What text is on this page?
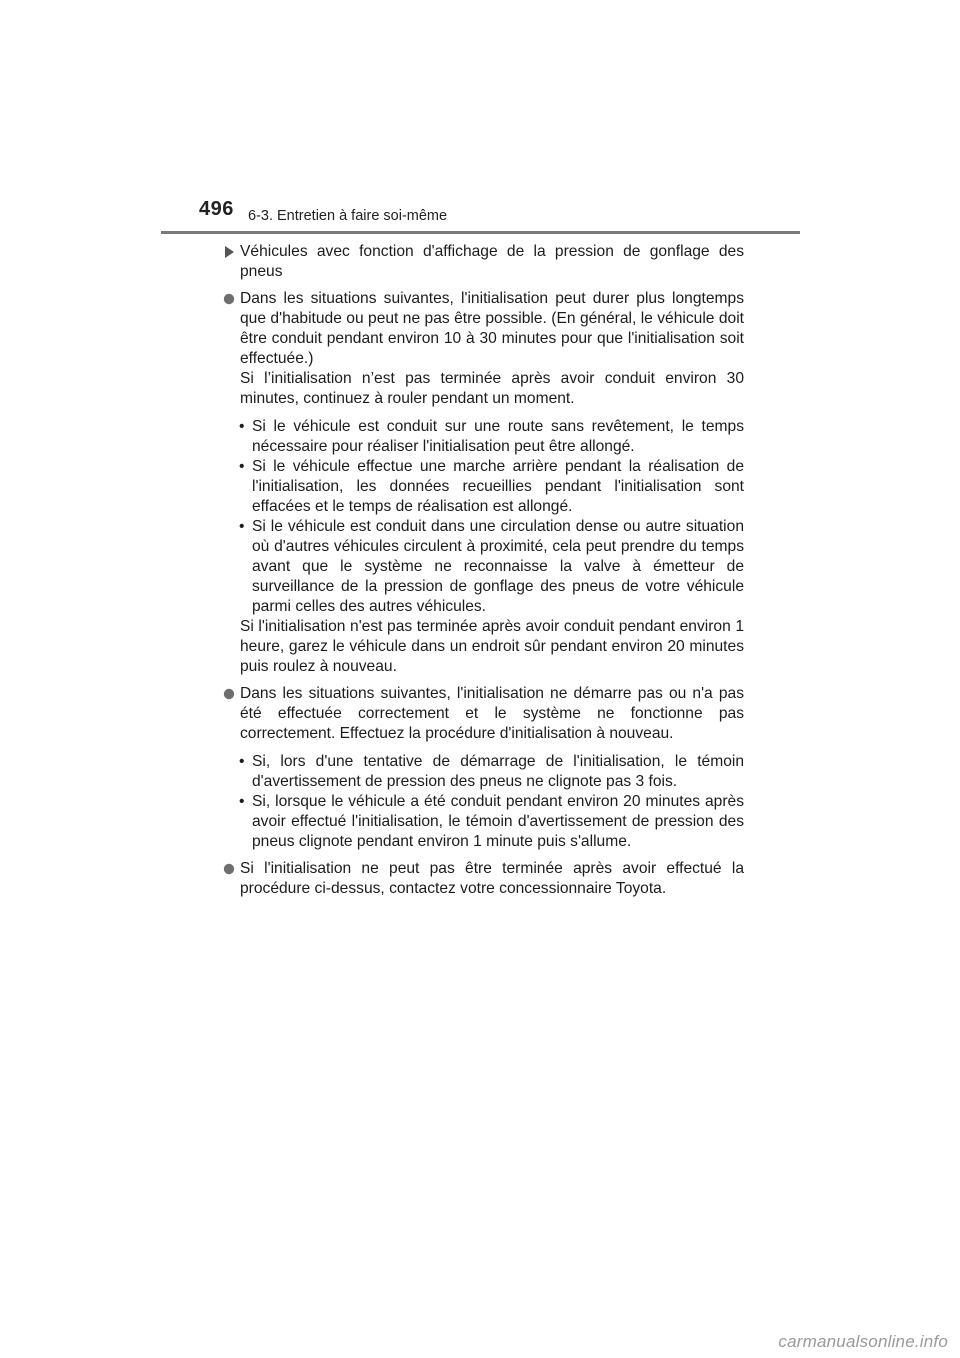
496 6-3. Entretien à faire soi-même
Véhicules avec fonction d'affichage de la pression de gonflage des pneus
Dans les situations suivantes, l'initialisation peut durer plus longtemps que d'habitude ou peut ne pas être possible. (En général, le véhicule doit être conduit pendant environ 10 à 30 minutes pour que l'initialisation soit effectuée.)
Si l’initialisation n’est pas terminée après avoir conduit environ 30 minutes, continuez à rouler pendant un moment.
• Si le véhicule est conduit sur une route sans revêtement, le temps nécessaire pour réaliser l'initialisation peut être allongé.
• Si le véhicule effectue une marche arrière pendant la réalisation de l'initialisation, les données recueillies pendant l'initialisation sont effacées et le temps de réalisation est allongé.
• Si le véhicule est conduit dans une circulation dense ou autre situation où d'autres véhicules circulent à proximité, cela peut prendre du temps avant que le système ne reconnaisse la valve à émetteur de surveillance de la pression de gonflage des pneus de votre véhicule parmi celles des autres véhicules.
Si l'initialisation n'est pas terminée après avoir conduit pendant environ 1 heure, garez le véhicule dans un endroit sûr pendant environ 20 minutes puis roulez à nouveau.
Dans les situations suivantes, l'initialisation ne démarre pas ou n'a pas été effectuée correctement et le système ne fonctionne pas correctement. Effectuez la procédure d'initialisation à nouveau.
• Si, lors d'une tentative de démarrage de l'initialisation, le témoin d'avertissement de pression des pneus ne clignote pas 3 fois.
• Si, lorsque le véhicule a été conduit pendant environ 20 minutes après avoir effectué l'initialisation, le témoin d'avertissement de pression des pneus clignote pendant environ 1 minute puis s'allume.
Si l'initialisation ne peut pas être terminée après avoir effectué la procédure ci-dessus, contactez votre concessionnaire Toyota.
carmanualsonline.info
